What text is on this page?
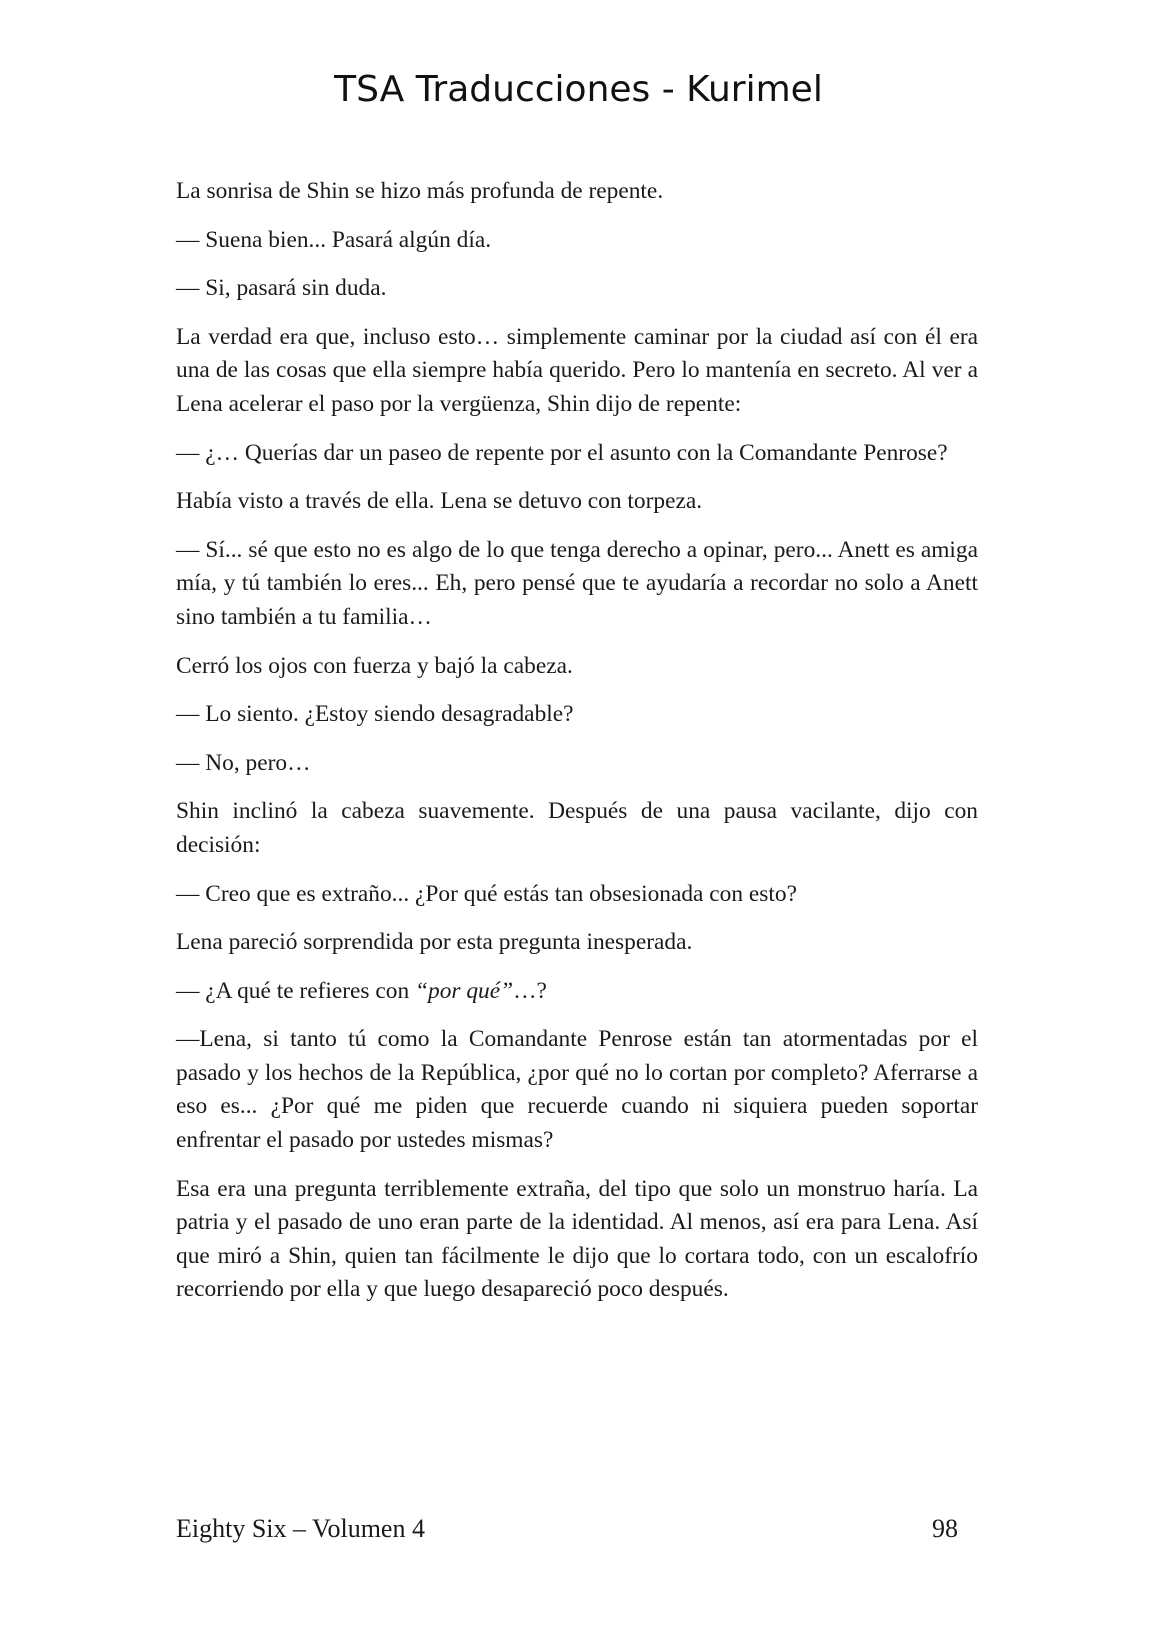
TSA Traducciones - Kurimel

La sonrisa de Shin se hizo más profunda de repente.

— Suena bien... Pasará algún día.

— Si, pasará sin duda.

La verdad era que, incluso esto… simplemente caminar por la ciudad así con él era una de las cosas que ella siempre había querido. Pero lo mantenía en secreto. Al ver a Lena acelerar el paso por la vergüenza, Shin dijo de repente:

— ¿… Querías dar un paseo de repente por el asunto con la Comandante Penrose?

Había visto a través de ella. Lena se detuvo con torpeza.

— Sí... sé que esto no es algo de lo que tenga derecho a opinar, pero... Anett es amiga mía, y tú también lo eres... Eh, pero pensé que te ayudaría a recordar no solo a Anett sino también a tu familia…

Cerró los ojos con fuerza y bajó la cabeza.

— Lo siento. ¿Estoy siendo desagradable?

— No, pero…

Shin inclinó la cabeza suavemente. Después de una pausa vacilante, dijo con decisión:

— Creo que es extraño... ¿Por qué estás tan obsesionada con esto?

Lena pareció sorprendida por esta pregunta inesperada.

— ¿A qué te refieres con “por qué”…?

—Lena, si tanto tú como la Comandante Penrose están tan atormentadas por el pasado y los hechos de la República, ¿por qué no lo cortan por completo? Aferrarse a eso es... ¿Por qué me piden que recuerde cuando ni siquiera pueden soportar enfrentar el pasado por ustedes mismas?

Esa era una pregunta terriblemente extraña, del tipo que solo un monstruo haría. La patria y el pasado de uno eran parte de la identidad. Al menos, así era para Lena. Así que miró a Shin, quien tan fácilmente le dijo que lo cortara todo, con un escalofrío recorriendo por ella y que luego desapareció poco después.

Eighty Six – Volumen 4	98
